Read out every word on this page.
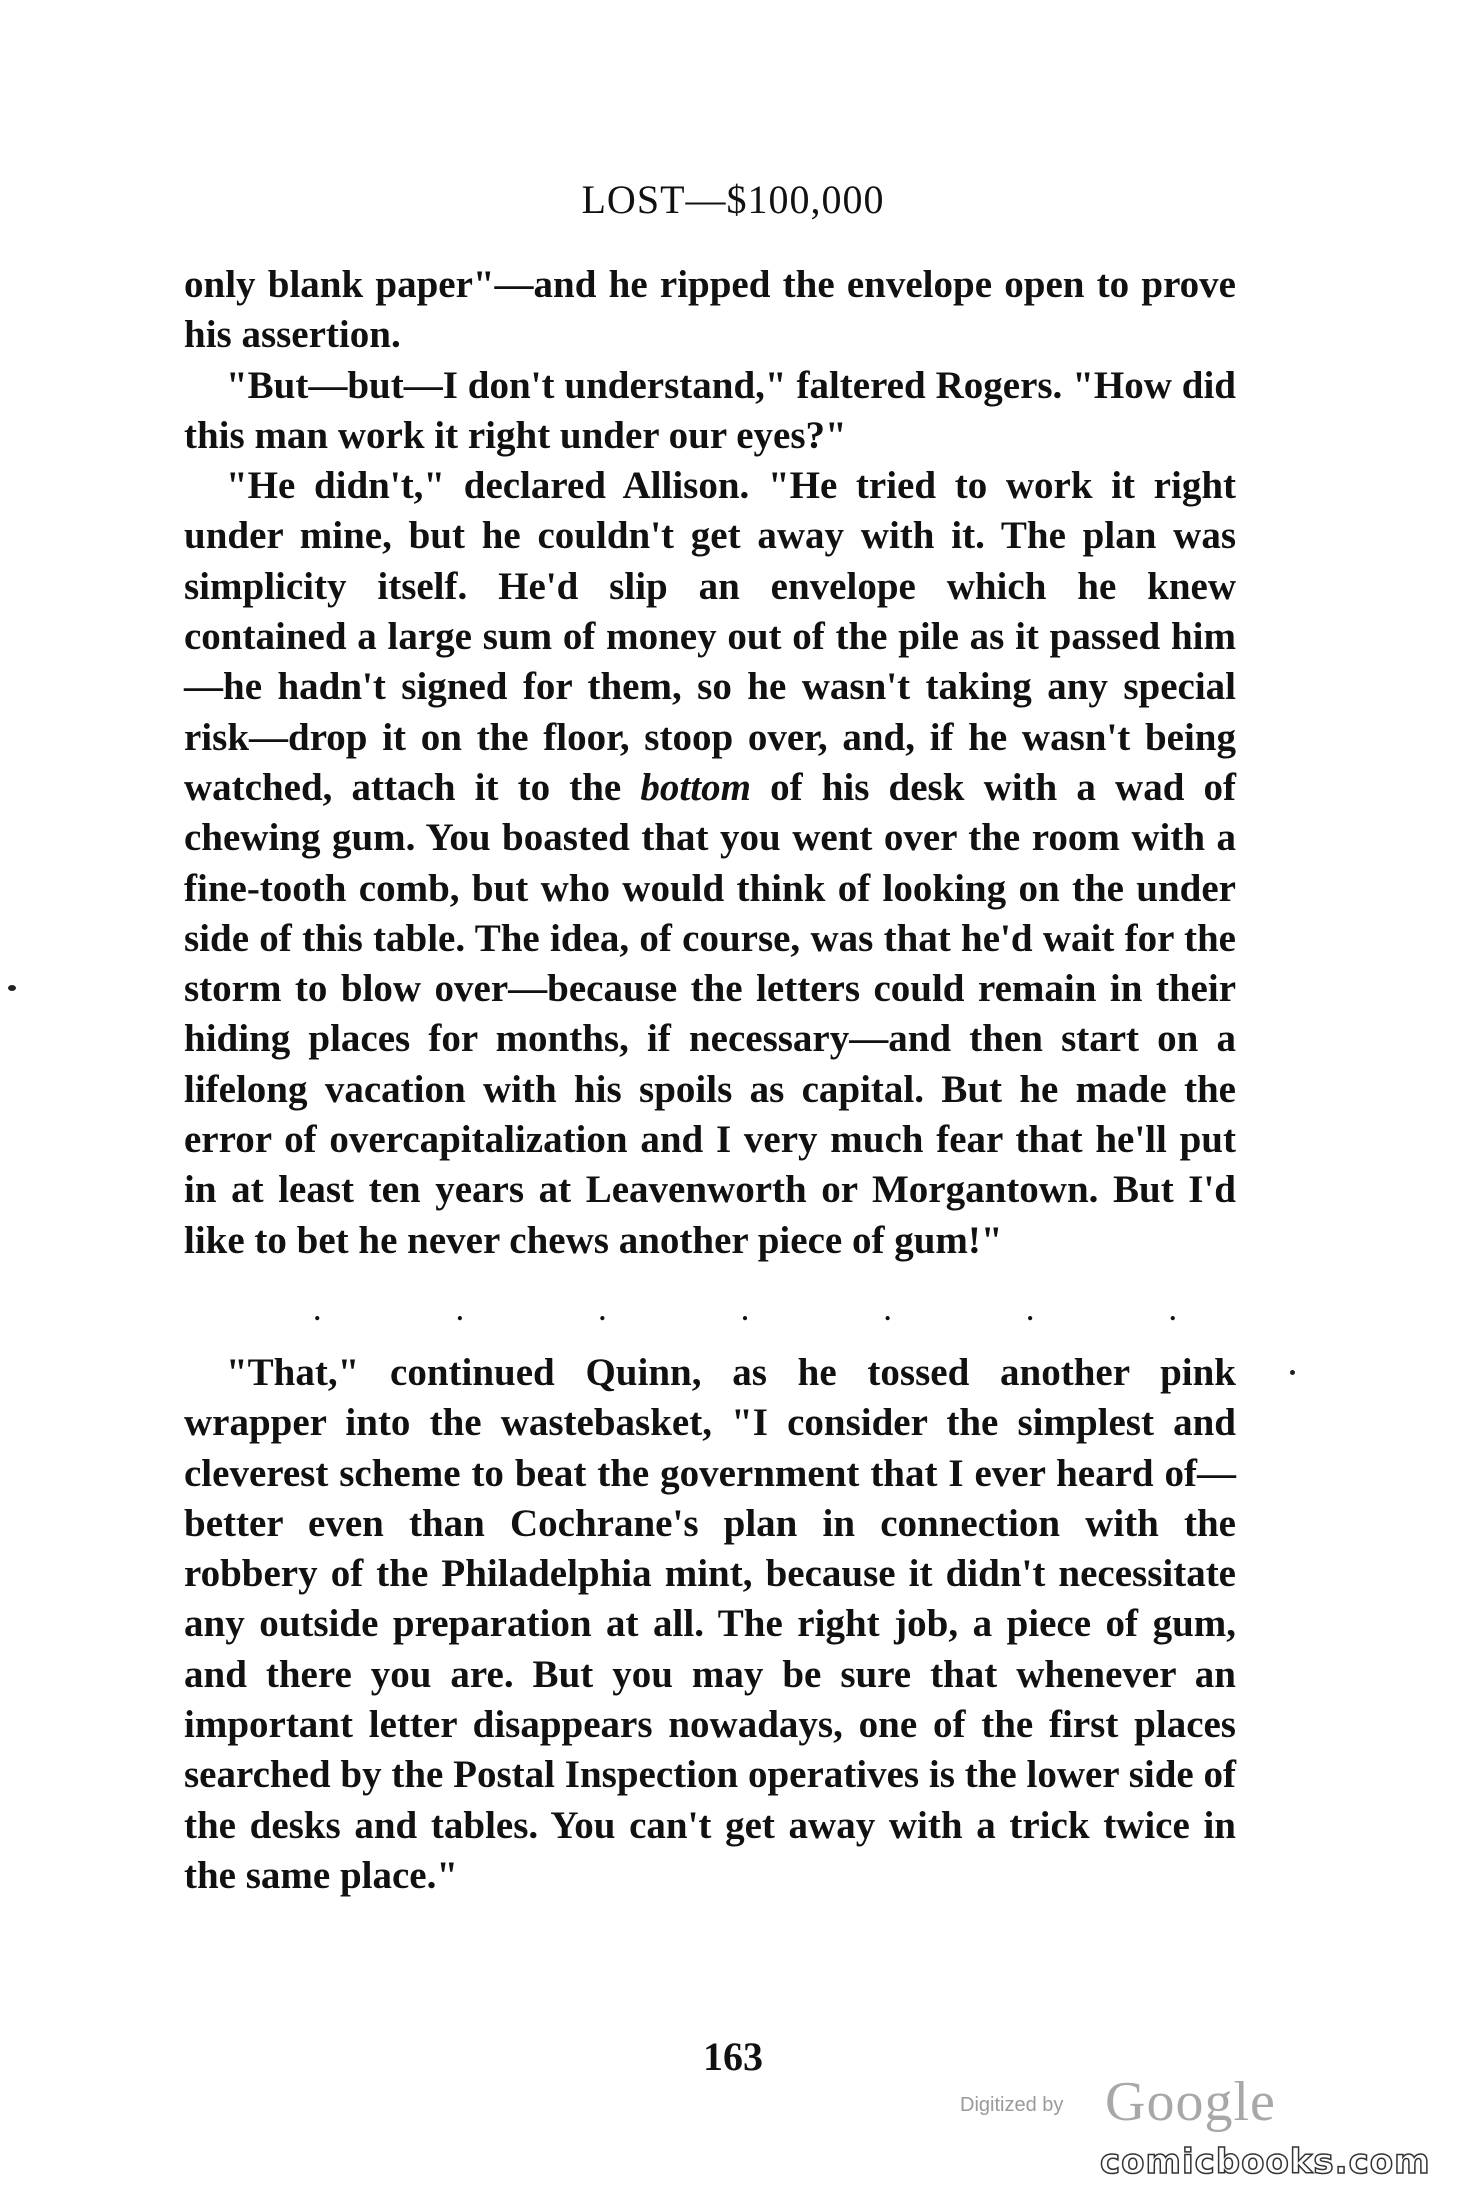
LOST—$100,000

only blank paper"—and he ripped the envelope open to prove his assertion.

"But—but—I don't understand," faltered Rogers. "How did this man work it right under our eyes?"

"He didn't," declared Allison. "He tried to work it right under mine, but he couldn't get away with it. The plan was simplicity itself. He'd slip an envelope which he knew contained a large sum of money out of the pile as it passed him—he hadn't signed for them, so he wasn't taking any special risk—drop it on the floor, stoop over, and, if he wasn't being watched, attach it to the bottom of his desk with a wad of chewing gum. You boasted that you went over the room with a fine-tooth comb, but who would think of looking on the under side of this table. The idea, of course, was that he'd wait for the storm to blow over—because the letters could remain in their hiding places for months, if necessary—and then start on a lifelong vacation with his spoils as capital. But he made the error of overcapitalization and I very much fear that he'll put in at least ten years at Leavenworth or Morgantown. But I'd like to bet he never chews another piece of gum!"

.	.	.	.	.	.	.

"That," continued Quinn, as he tossed another pink wrapper into the wastebasket, "I consider the simplest and cleverest scheme to beat the government that I ever heard of—better even than Cochrane's plan in connection with the robbery of the Philadelphia mint, because it didn't necessitate any outside preparation at all. The right job, a piece of gum, and there you are. But you may be sure that whenever an important letter disappears nowadays, one of the first places searched by the Postal Inspection operatives is the lower side of the desks and tables. You can't get away with a trick twice in the same place."

163
Digitized by Google
comicbooks.com
